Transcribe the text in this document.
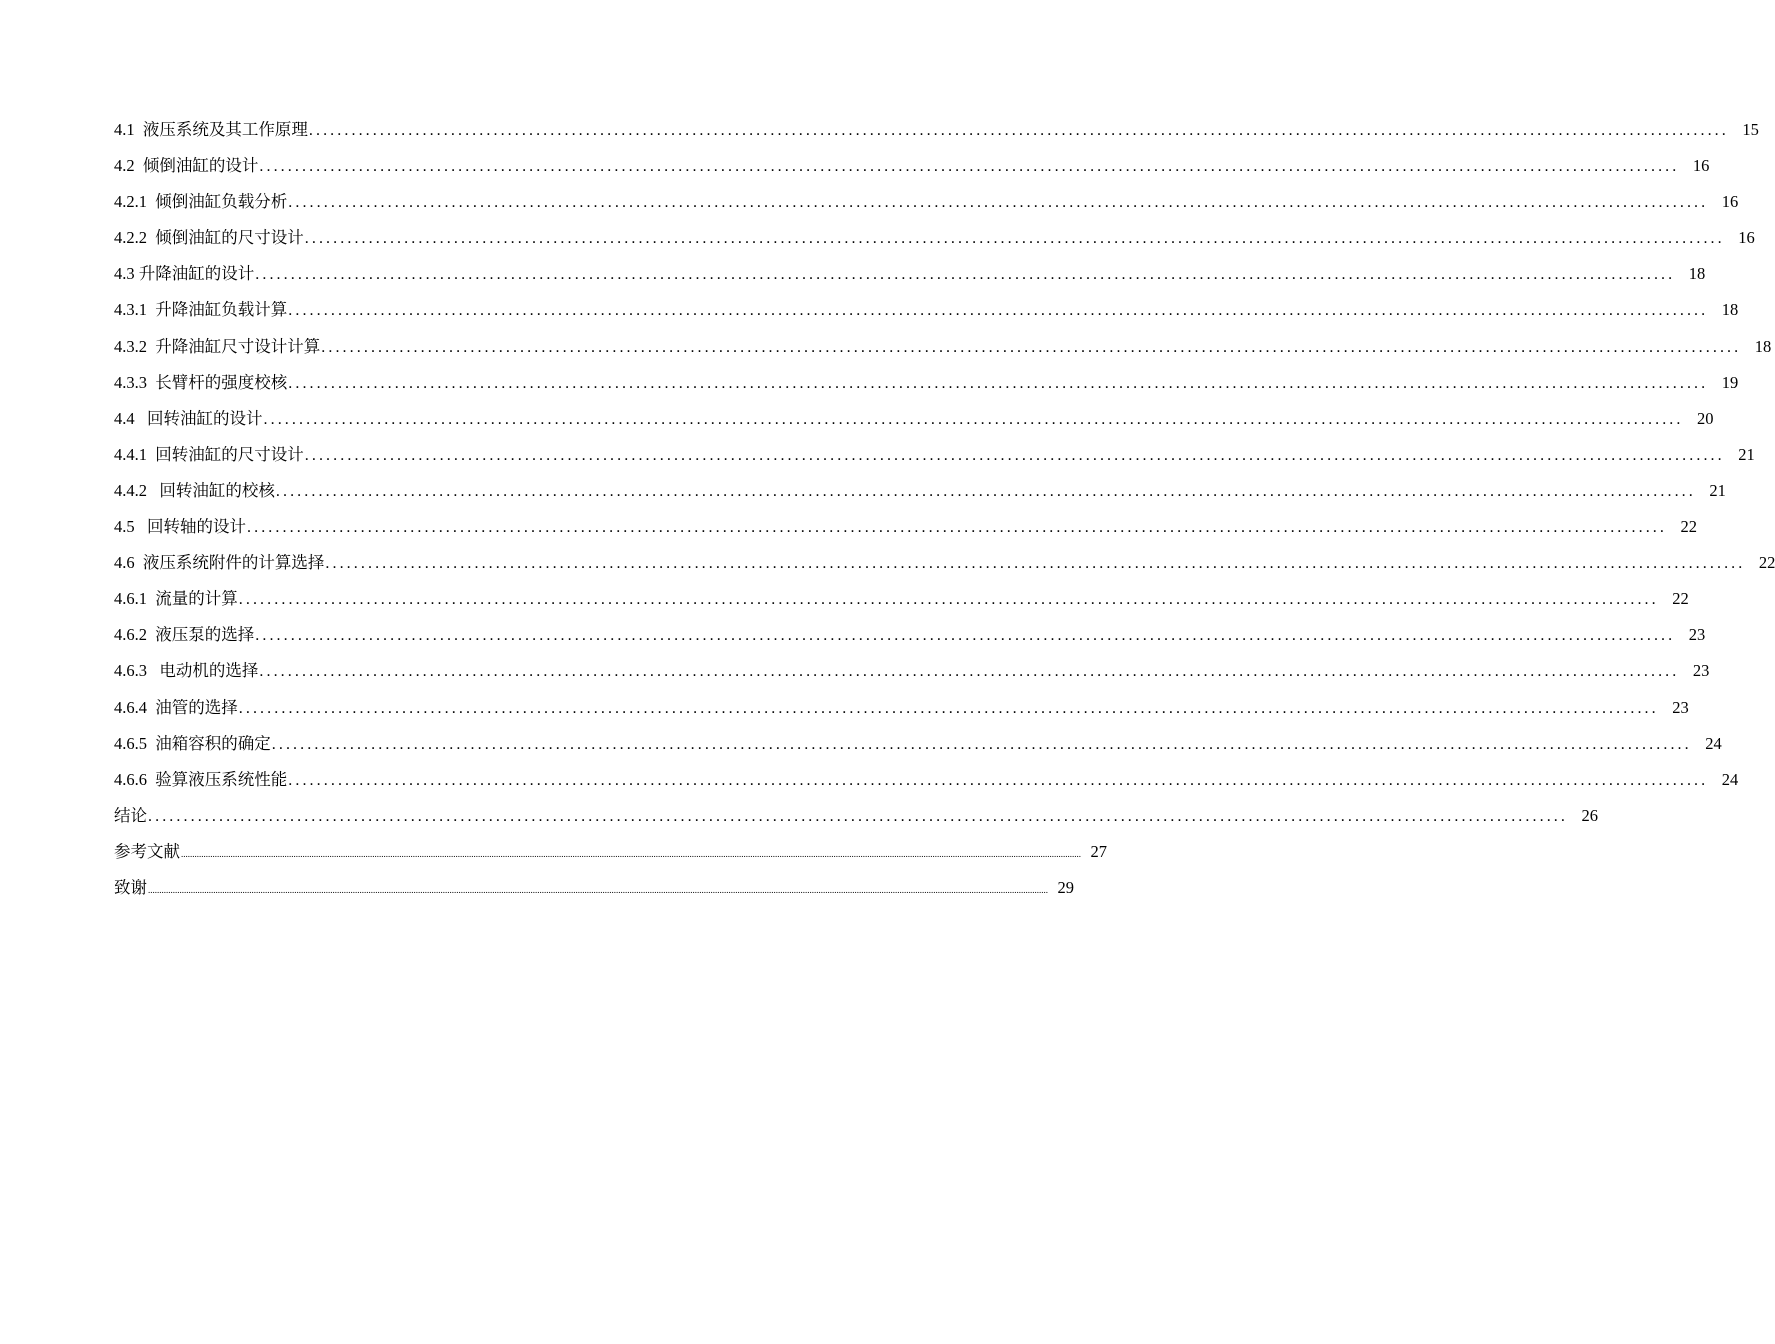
4.1  液压系统及其工作原理 ........................................................................................................................................................................................................ 15
4.2  倾倒油缸的设计 ........................................................................................................................................................................................................ 16
4.2.1  倾倒油缸负载分析 ........................................................................................................................................................................................................ 16
4.2.2  倾倒油缸的尺寸设计 ........................................................................................................................................................................................................ 16
4.3 升降油缸的设计 ........................................................................................................................................................................................................ 18
4.3.1  升降油缸负载计算 ........................................................................................................................................................................................................ 18
4.3.2  升降油缸尺寸设计计算 ........................................................................................................................................................................................................ 18
4.3.3  长臂杆的强度校核 ........................................................................................................................................................................................................ 19
4.4   回转油缸的设计 ........................................................................................................................................................................................................ 20
4.4.1  回转油缸的尺寸设计 ........................................................................................................................................................................................................ 21
4.4.2   回转油缸的校核 ........................................................................................................................................................................................................ 21
4.5   回转轴的设计 ........................................................................................................................................................................................................ 22
4.6  液压系统附件的计算选择 ........................................................................................................................................................................................................ 22
4.6.1  流量的计算 ........................................................................................................................................................................................................ 22
4.6.2  液压泵的选择 ........................................................................................................................................................................................................ 23
4.6.3   电动机的选择 ........................................................................................................................................................................................................ 23
4.6.4  油管的选择 ........................................................................................................................................................................................................ 23
4.6.5  油箱容积的确定 ........................................................................................................................................................................................................ 24
4.6.6  验算液压系统性能 ........................................................................................................................................................................................................ 24
结论 ........................................................................................................................................................................................................ 26
参考文献 ................................................................................................................................................................................................................................................................................................................................................................................................................ 27
致谢 ................................................................................................................................................................................................................................................................................................................................................................................................................ 29
